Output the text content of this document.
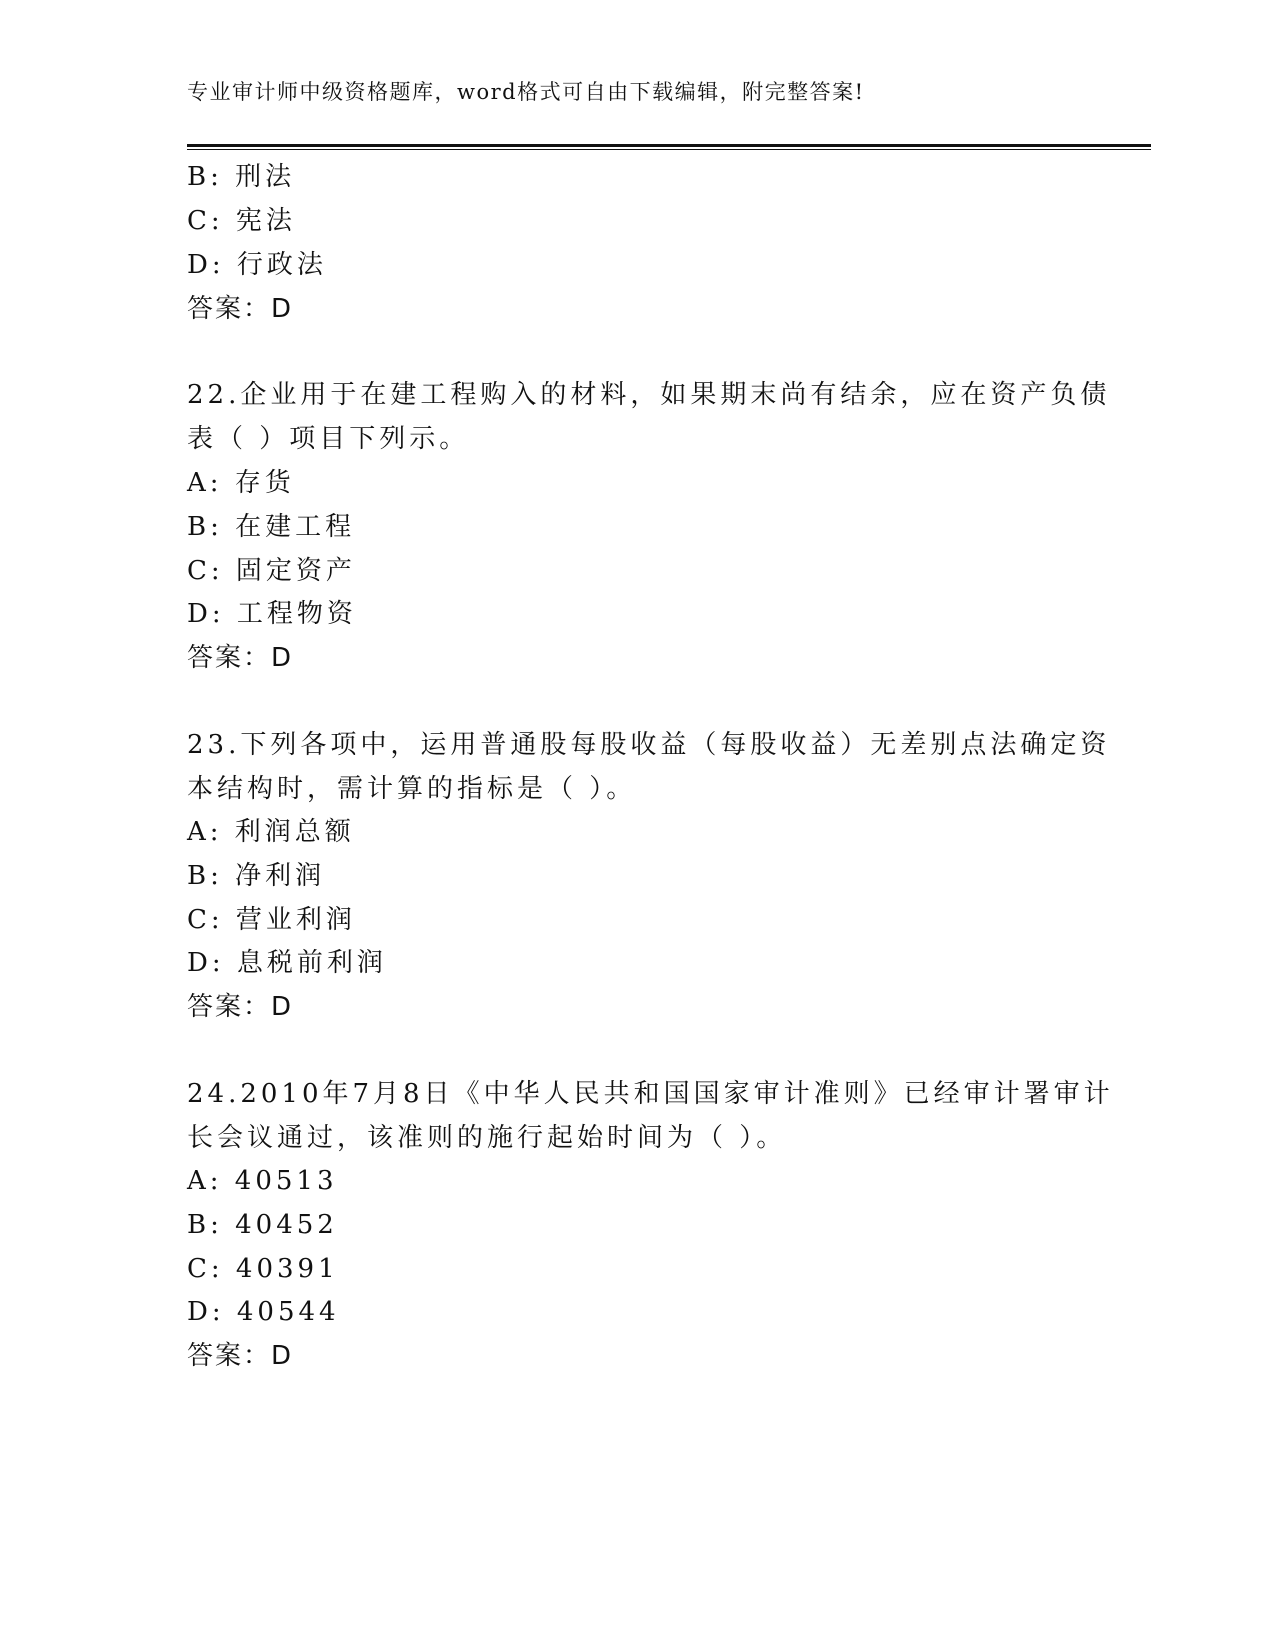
专业审计师中级资格题库，word格式可自由下载编辑，附完整答案!
B: 刑法
C: 宪法
D: 行政法
答案：D
22.企业用于在建工程购入的材料，如果期末尚有结余，应在资产负债
表（ ）项目下列示。
A: 存货
B: 在建工程
C: 固定资产
D: 工程物资
答案：D
23.下列各项中，运用普通股每股收益（每股收益）无差别点法确定资
本结构时，需计算的指标是（ ）。
A: 利润总额
B: 净利润
C: 营业利润
D: 息税前利润
答案：D
24.2010年7月8日《中华人民共和国国家审计准则》已经审计署审计
长会议通过，该准则的施行起始时间为（ ）。
A: 40513
B: 40452
C: 40391
D: 40544
答案：D
